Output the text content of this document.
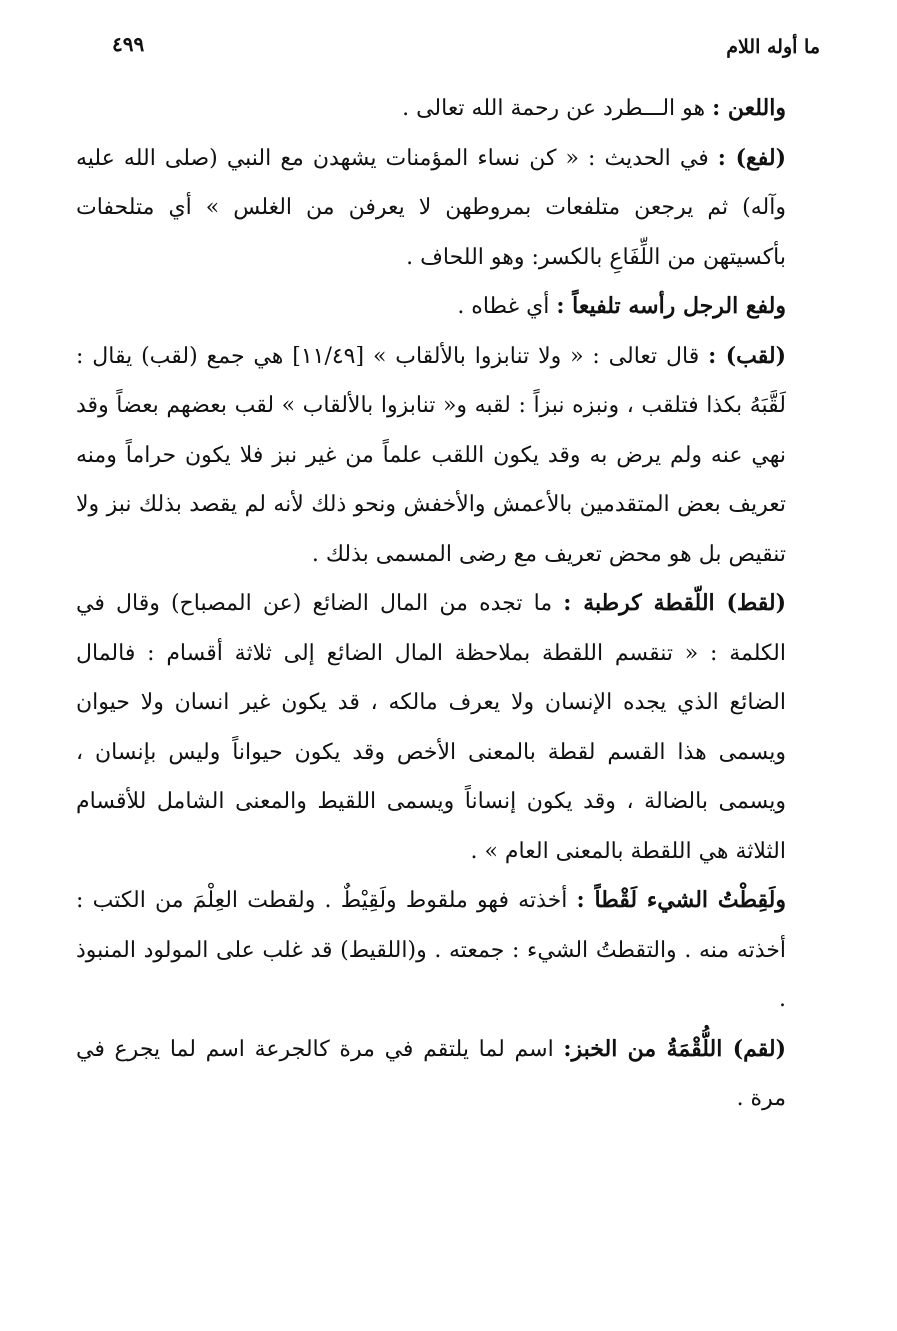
ما أوله اللام
٤٩٩

واللعن : هو الـــطرد عن رحمة الله تعالى .

(لفع) : في الحديث : « كن نساء المؤمنات يشهدن مع النبي (صلى الله عليه وآله) ثم يرجعن متلفعات بمروطهن لا يعرفن من الغلس » أي متلحفات بأكسيتهن من اللِّفَاعِ بالكسر: وهو اللحاف .

ولفع الرجل رأسه تلفيعاً : أي غطاه .

(لقب) : قال تعالى : « ولا تنابزوا بالألقاب » [١١/٤٩] هي جمع (لقب) يقال : لَقَّبَهُ بكذا فتلقب ، ونبزه نبزاً : لقبه و« تنابزوا بالألقاب » لقب بعضهم بعضاً وقد نهي عنه ولم يرض به وقد يكون اللقب علماً من غير نبز فلا يكون حراماً ومنه تعريف بعض المتقدمين بالأعمش والأخفش ونحو ذلك لأنه لم يقصد بذلك نبز ولا تنقيص بل هو محض تعريف مع رضى المسمى بذلك .

(لقط) اللّقطة كرطبة : ما تجده من المال الضائع (عن المصباح) وقال في الكلمة : « تنقسم اللقطة بملاحظة المال الضائع إلى ثلاثة أقسام : فالمال الضائع الذي يجده الإنسان ولا يعرف مالكه ، قد يكون غير انسان ولا حيوان ويسمى هذا القسم لقطة بالمعنى الأخص وقد يكون حيواناً وليس بإنسان ، ويسمى بالضالة ، وقد يكون إنساناً ويسمى اللقيط والمعنى الشامل للأقسام الثلاثة هي اللقطة بالمعنى العام » .

ولَقِطْتُ الشيء لَقْطاً : أخذته فهو ملقوط ولَقِيْطٌ . ولقطت العِلْمَ من الكتب : أخذته منه . والتقطتُ الشيء : جمعته . و(اللقيط) قد غلب على المولود المنبوذ .

(لقم) اللُّقْمَةُ من الخبز: اسم لما يلتقم في مرة كالجرعة اسم لما يجرع في مرة .
